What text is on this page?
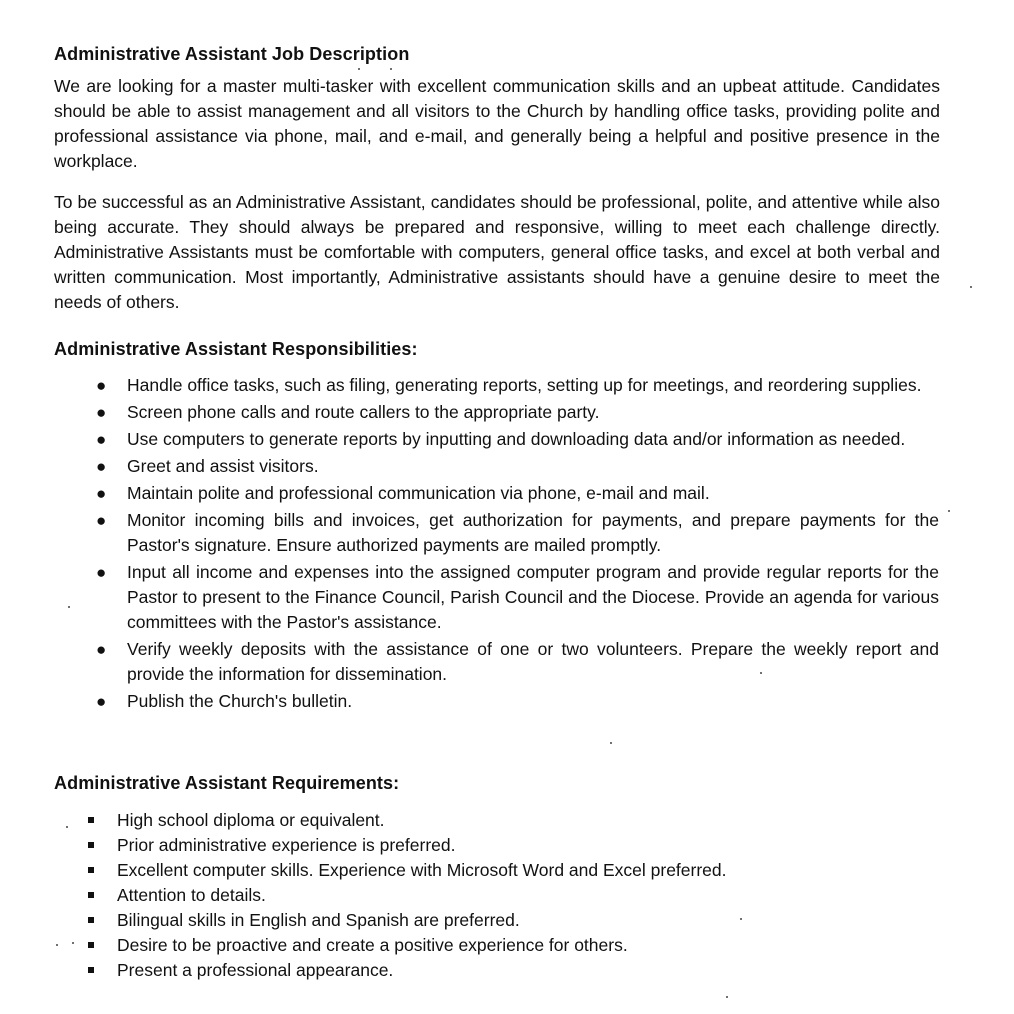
Administrative Assistant Job Description

We are looking for a master multi-tasker with excellent communication skills and an upbeat attitude. Candidates should be able to assist management and all visitors to the Church by handling office tasks, providing polite and professional assistance via phone, mail, and e-mail, and generally being a helpful and positive presence in the workplace.

To be successful as an Administrative Assistant, candidates should be professional, polite, and attentive while also being accurate. They should always be prepared and responsive, willing to meet each challenge directly. Administrative Assistants must be comfortable with computers, general office tasks, and excel at both verbal and written communication. Most importantly, Administrative assistants should have a genuine desire to meet the needs of others.

Administrative Assistant Responsibilities:
● Handle office tasks, such as filing, generating reports, setting up for meetings, and reordering supplies.
● Screen phone calls and route callers to the appropriate party.
● Use computers to generate reports by inputting and downloading data and/or information as needed.
● Greet and assist visitors.
● Maintain polite and professional communication via phone, e-mail and mail.
● Monitor incoming bills and invoices, get authorization for payments, and prepare payments for the Pastor's signature. Ensure authorized payments are mailed promptly.
● Input all income and expenses into the assigned computer program and provide regular reports for the Pastor to present to the Finance Council, Parish Council and the Diocese. Provide an agenda for various committees with the Pastor's assistance.
● Verify weekly deposits with the assistance of one or two volunteers. Prepare the weekly report and provide the information for dissemination.
● Publish the Church's bulletin.
Administrative Assistant Requirements:
High school diploma or equivalent.
Prior administrative experience is preferred.
Excellent computer skills. Experience with Microsoft Word and Excel preferred.
Attention to details.
Bilingual skills in English and Spanish are preferred.
Desire to be proactive and create a positive experience for others.
Present a professional appearance.
